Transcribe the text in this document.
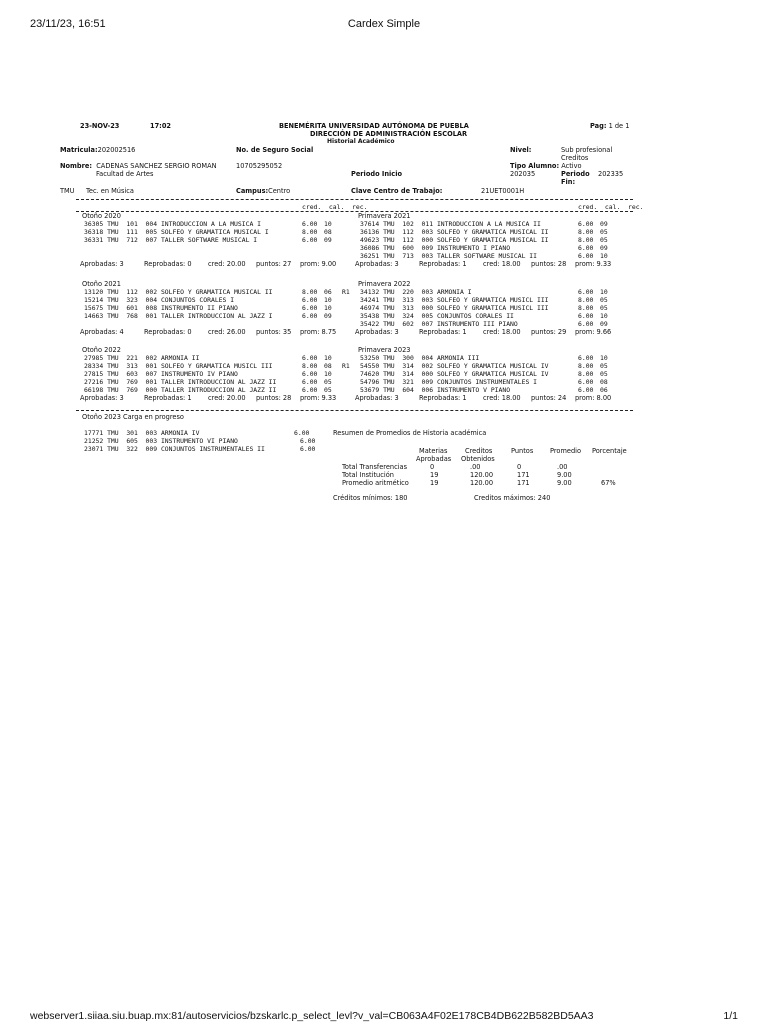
23/11/23, 16:51	Cardex Simple
23-NOV-23	17:02	BENEMÉRITA UNIVERSIDAD AUTÓNOMA DE PUEBLA
DIRECCIÓN DE ADMINISTRACIÓN ESCOLAR
Historial Académico
Pag: 1 de 1
Matricula:202002516	No. de Seguro Social	Nivel:	Sub profesional
Creditos
Nombre: CADENAS SANCHEZ SERGIO ROMAN	10705295052	Tipo Alumno: Activo
Facultad de Artes	Periodo Inicio	202035	Periodo
Fin:
202335
TMU Tec. en Música	Campus:Centro	Clave Centro de Trabajo:	21UET0001H
cred.  cal.  rec.	cred.  cal.  rec.
Otoño 2020
36305 TMU  101  004 INTRODUCCION A LA MUSICA I	6.00 10
36318 TMU  111  005 SOLFEO Y GRAMATICA MUSICAL I	8.00 08
36331 TMU  712  007 TALLER SOFTWARE MUSICAL I	6.00 09
Aprobadas: 3	Reprobadas: 0 cred: 20.00 puntos: 27 prom: 9.00
Primavera 2021
37614 TMU  102  011 INTRODUCCION A LA MUSICA II	6.00 09
36136 TMU  112  003 SOLFEO Y GRAMATICA MUSICAL II	8.00 05
49623 TMU  112  000 SOLFEO Y GRAMATICA MUSICAL II	8.00 05
36086 TMU  600  009 INSTRUMENTO I PIANO	6.00 09
36251 TMU  713  003 TALLER SOFTWARE MUSICAL II	6.00 10
Aprobadas: 3	Reprobadas: 1 cred: 18.00 puntos: 28 prom: 9.33
Otoño 2021
13120 TMU  112  002 SOLFEO Y GRAMATICA MUSICAL II	8.00 06 R1
15214 TMU  323  004 CONJUNTOS CORALES I	6.00 10
15675 TMU  601  008 INSTRUMENTO II PIANO	6.00 10
14663 TMU  768  001 TALLER INTRODUCCION AL JAZZ I	6.00 09
Aprobadas: 4	Reprobadas: 0 cred: 26.00 puntos: 35 prom: 8.75
Primavera 2022
34132 TMU  220  003 ARMONIA I	6.00 10
34241 TMU  313  003 SOLFEO Y GRAMATICA MUSICL III	8.00 05
46974 TMU  313  000 SOLFEO Y GRAMATICA MUSICL III	8.00 05
35438 TMU  324  005 CONJUNTOS CORALES II	6.00 10
35422 TMU  602  007 INSTRUMENTO III PIANO	6.00 09
Aprobadas: 3	Reprobadas: 1 cred: 18.00 puntos: 29 prom: 9.66
Otoño 2022
27985 TMU  221  002 ARMONIA II	6.00 10
28334 TMU  313  001 SOLFEO Y GRAMATICA MUSICL III	8.00 08 R1
27815 TMU  603  007 INSTRUMENTO IV PIANO	6.00 10
27216 TMU  769  001 TALLER INTRODUCCION AL JAZZ II	6.00 05
66198 TMU  769  000 TALLER INTRODUCCION AL JAZZ II	6.00 05
Aprobadas: 3	Reprobadas: 1 cred: 20.00 puntos: 28 prom: 9.33
Primavera 2023
53250 TMU  300  004 ARMONIA III	6.00 10
54550 TMU  314  002 SOLFEO Y GRAMATICA MUSICAL IV	8.00 05
74620 TMU  314  000 SOLFEO Y GRAMATICA MUSICAL IV	8.00 05
54796 TMU  321  009 CONJUNTOS INSTRUMENTALES I	6.00 08
53679 TMU  604  006 INSTRUMENTO V PIANO	6.00 06
Aprobadas: 3	Reprobadas: 1 cred: 18.00 puntos: 24 prom: 8.00
Otoño 2023 Carga en progreso
17771 TMU  301  003 ARMONIA IV	6.00
21252 TMU  605  003 INSTRUMENTO VI PIANO	6.00
23071 TMU  322  009 CONJUNTOS INSTRUMENTALES II	6.00
Resumen de Promedios de Historia académica
Materias
Aprobadas
Creditos
Obtenidos
Puntos	Promedio Porcentaje
Total Transferencias	0	.00	0	.00
Total Institución	19	120.00	171	9.00
Promedio aritmético	19	120.00	171	9.00	67%
Créditos mínimos: 180	Creditos máximos: 240
webserver1.siiaa.siu.buap.mx:81/autoservicios/bzskarlc.p_select_levl?v_val=CB063A4F02E178CB4DB622B582BD5AA3	1/1
